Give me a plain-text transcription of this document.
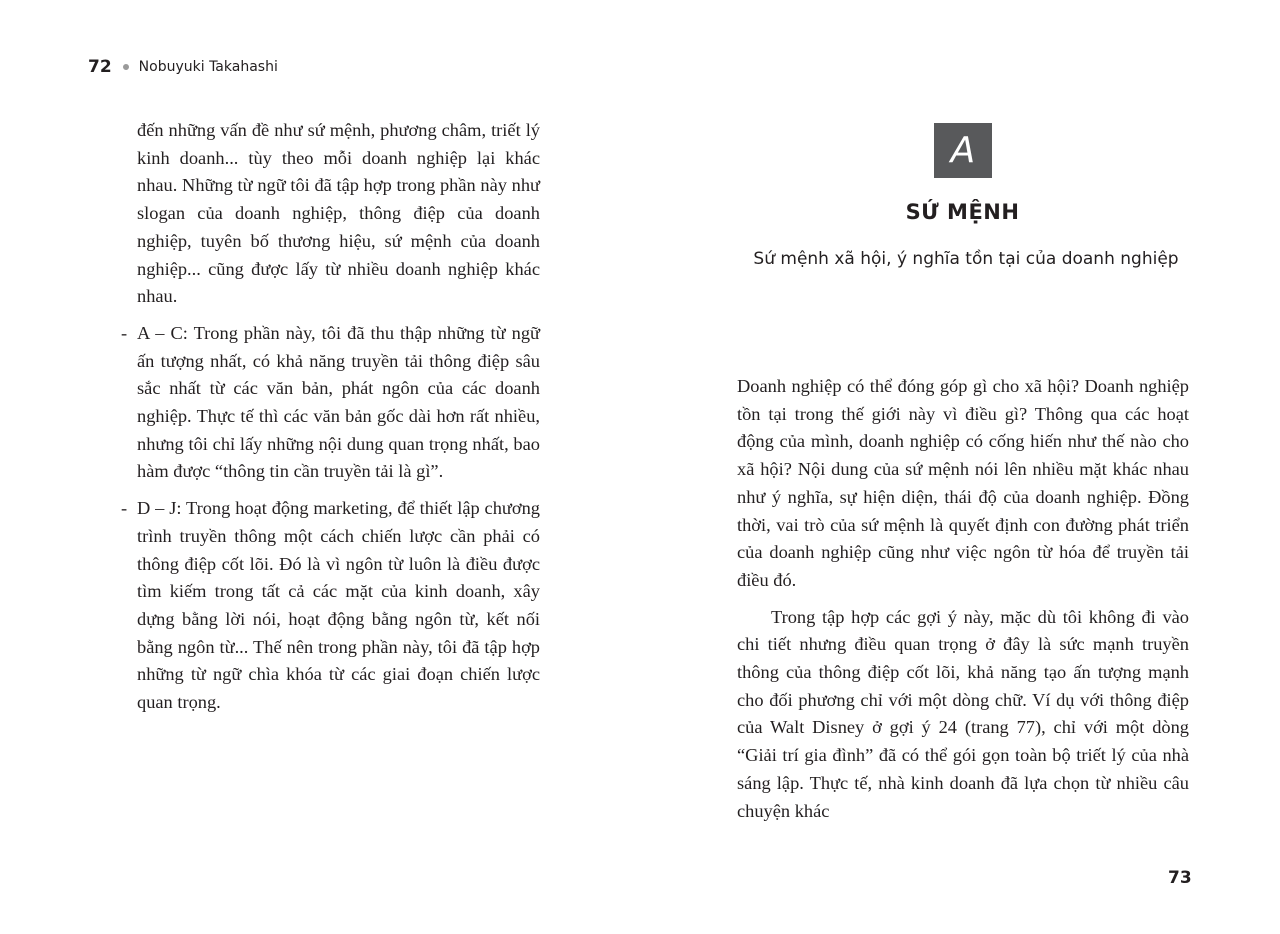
72 Nobuyuki Takahashi

đến những vấn đề như sứ mệnh, phương châm, triết lý kinh doanh... tùy theo mỗi doanh nghiệp lại khác nhau. Những từ ngữ tôi đã tập hợp trong phần này như slogan của doanh nghiệp, thông điệp của doanh nghiệp, tuyên bố thương hiệu, sứ mệnh của doanh nghiệp... cũng được lấy từ nhiều doanh nghiệp khác nhau.

- A – C: Trong phần này, tôi đã thu thập những từ ngữ ấn tượng nhất, có khả năng truyền tải thông điệp sâu sắc nhất từ các văn bản, phát ngôn của các doanh nghiệp. Thực tế thì các văn bản gốc dài hơn rất nhiều, nhưng tôi chỉ lấy những nội dung quan trọng nhất, bao hàm được “thông tin cần truyền tải là gì”.

- D – J: Trong hoạt động marketing, để thiết lập chương trình truyền thông một cách chiến lược cần phải có thông điệp cốt lõi. Đó là vì ngôn từ luôn là điều được tìm kiếm trong tất cả các mặt của kinh doanh, xây dựng bằng lời nói, hoạt động bằng ngôn từ, kết nối bằng ngôn từ... Thế nên trong phần này, tôi đã tập hợp những từ ngữ chìa khóa từ các giai đoạn chiến lược quan trọng.

A
SỨ MỆNH
Sứ mệnh xã hội, ý nghĩa tồn tại của doanh nghiệp

Doanh nghiệp có thể đóng góp gì cho xã hội? Doanh nghiệp tồn tại trong thế giới này vì điều gì? Thông qua các hoạt động của mình, doanh nghiệp có cống hiến như thế nào cho xã hội? Nội dung của sứ mệnh nói lên nhiều mặt khác nhau như ý nghĩa, sự hiện diện, thái độ của doanh nghiệp. Đồng thời, vai trò của sứ mệnh là quyết định con đường phát triển của doanh nghiệp cũng như việc ngôn từ hóa để truyền tải điều đó.

Trong tập hợp các gợi ý này, mặc dù tôi không đi vào chi tiết nhưng điều quan trọng ở đây là sức mạnh truyền thông của thông điệp cốt lõi, khả năng tạo ấn tượng mạnh cho đối phương chỉ với một dòng chữ. Ví dụ với thông điệp của Walt Disney ở gợi ý 24 (trang 77), chỉ với một dòng “Giải trí gia đình” đã có thể gói gọn toàn bộ triết lý của nhà sáng lập. Thực tế, nhà kinh doanh đã lựa chọn từ nhiều câu chuyện khác

73
